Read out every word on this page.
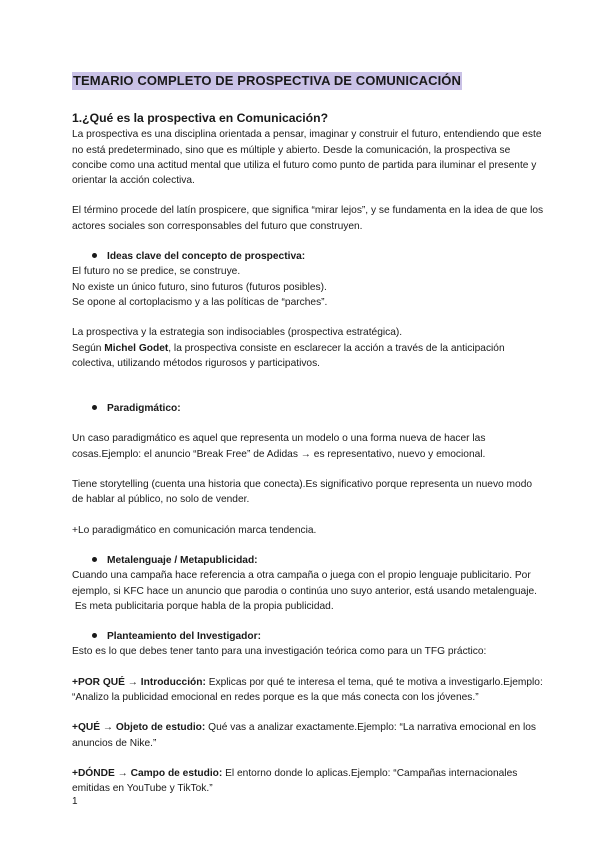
TEMARIO COMPLETO DE PROSPECTIVA DE COMUNICACIÓN

1.¿Qué es la prospectiva en Comunicación?

La prospectiva es una disciplina orientada a pensar, imaginar y construir el futuro, entendiendo que este

no está predeterminado, sino que es múltiple y abierto. Desde la comunicación, la prospectiva se

concibe como una actitud mental que utiliza el futuro como punto de partida para iluminar el presente y

orientar la acción colectiva.

El término procede del latín prospicere, que significa “mirar lejos”, y se fundamenta en la idea de que los

actores sociales son corresponsables del futuro que construyen.

Ideas clave del concepto de prospectiva:

El futuro no se predice, se construye.

No existe un único futuro, sino futuros (futuros posibles).

Se opone al cortoplacismo y a las políticas de “parches”.

La prospectiva y la estrategia son indisociables (prospectiva estratégica).

Según Michel Godet, la prospectiva consiste en esclarecer la acción a través de la anticipación

colectiva, utilizando métodos rigurosos y participativos.

Paradigmático:

Un caso paradigmático es aquel que representa un modelo o una forma nueva de hacer las

cosas.Ejemplo: el anuncio “Break Free” de Adidas → es representativo, nuevo y emocional.

Tiene storytelling (cuenta una historia que conecta).Es significativo porque representa un nuevo modo

de hablar al público, no solo de vender.

+Lo paradigmático en comunicación marca tendencia.

Metalenguaje / Metapublicidad:

Cuando una campaña hace referencia a otra campaña o juega con el propio lenguaje publicitario. Por

ejemplo, si KFC hace un anuncio que parodia o continúa uno suyo anterior, está usando metalenguaje.

Es meta publicitaria porque habla de la propia publicidad.

Planteamiento del Investigador:

Esto es lo que debes tener tanto para una investigación teórica como para un TFG práctico:

+POR QUÉ → Introducción: Explicas por qué te interesa el tema, qué te motiva a investigarlo.Ejemplo:

“Analizo la publicidad emocional en redes porque es la que más conecta con los jóvenes.”

+QUÉ → Objeto de estudio: Qué vas a analizar exactamente.Ejemplo: “La narrativa emocional en los

anuncios de Nike.”

+DÓNDE → Campo de estudio: El entorno donde lo aplicas.Ejemplo: “Campañas internacionales

emitidas en YouTube y TikTok.”

1
